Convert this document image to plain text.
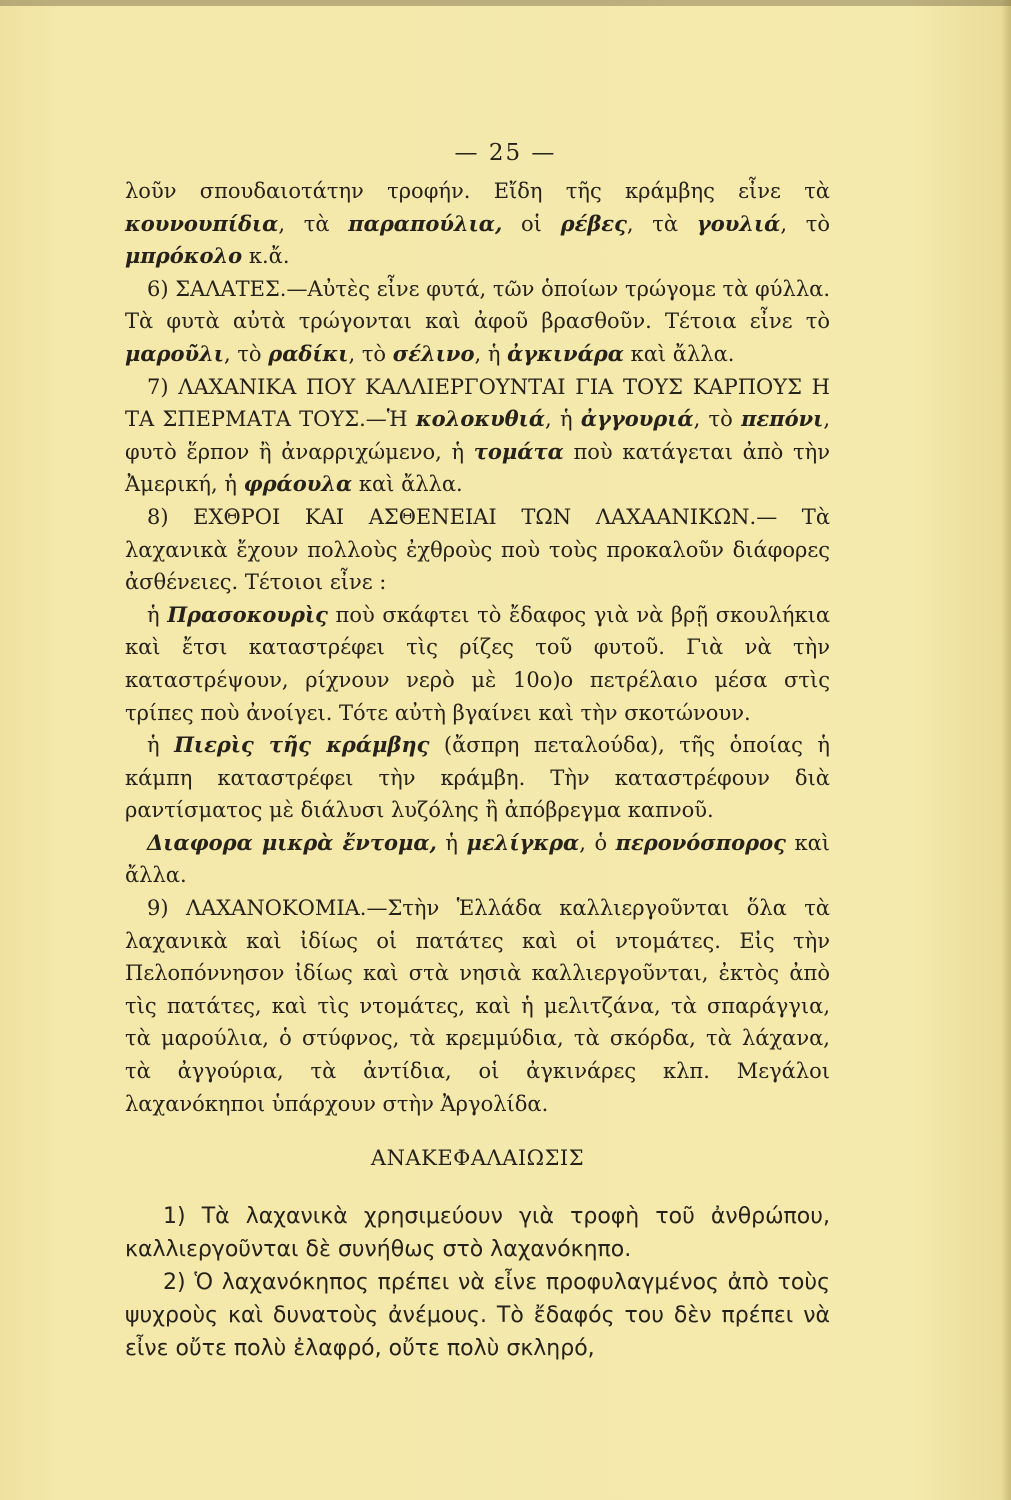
— 25 —

λοῦν σπουδαιοτάτην τροφήν. Εἴδη τῆς κράμβης εἶνε τὰ κουνουπίδια, τὰ παραπούλια, οἱ ρέβες, τὰ γουλιά, τὸ μπρόκολο κ.ἄ.

6) ΣΑΛΑΤΕΣ.—Αὐτὲς εἶνε φυτά, τῶν ὁποίων τρώγομε τὰ φύλλα. Τὰ φυτὰ αὐτὰ τρώγονται καὶ ἀφοῦ βρασθοῦν. Τέτοια εἶνε τὸ μαροῦλι, τὸ ραδίκι, τὸ σέλινο, ἡ ἀγκινάρα καὶ ἄλλα.

7) ΛΑΧΑΝΙΚΑ ΠΟΥ ΚΑΛΛΙΕΡΓΟΥΝΤΑΙ ΓΙΑ ΤΟΥΣ ΚΑΡΠΟΥΣ Η ΤΑ ΣΠΕΡΜΑΤΑ ΤΟΥΣ.—Ἡ κολοκυθιά, ἡ ἀγγουριά, τὸ πεπόνι, φυτὸ ἕρπον ἢ ἀναρριχώμενο, ἡ τομάτα ποὺ κατάγεται ἀπὸ τὴν Ἀμερική, ἡ φράουλα καὶ ἄλλα.

8) ΕΧΘΡΟΙ ΚΑΙ ΑΣΘΕΝΕΙΑΙ ΤΩΝ ΛΑΧΑΑΝΙΚΩΝ.— Τὰ λαχανικὰ ἔχουν πολλοὺς ἐχθροὺς ποὺ τοὺς προκαλοῦν διάφορες ἀσθένειες. Τέτοιοι εἶνε :

ἡ Πρασοκουρὶς ποὺ σκάφτει τὸ ἔδαφος γιὰ νὰ βρῇ σκουλήκια καὶ ἔτσι καταστρέφει τὶς ρίζες τοῦ φυτοῦ. Γιὰ νὰ τὴν καταστρέψουν, ρίχνουν νερὸ μὲ 10ο)ο πετρέλαιο μέσα στὶς τρίπες ποὺ ἀνοίγει. Τότε αὐτὴ βγαίνει καὶ τὴν σκοτώνουν.

ἡ Πιερὶς τῆς κράμβης (ἄσπρη πεταλούδα), τῆς ὁποίας ἡ κάμπη καταστρέφει τὴν κράμβη. Τὴν καταστρέφουν διὰ ραντίσματος μὲ διάλυσι λυζόλης ἢ ἀπόβρεγμα καπνοῦ.

Διαφορα μικρὰ ἔντομα, ἡ μελίγκρα, ὁ περονόσπορος καὶ ἄλλα.

9) ΛΑΧΑΝΟΚΟΜΙΑ.—Στὴν Ἑλλάδα καλλιεργοῦνται ὅλα τὰ λαχανικὰ καὶ ἰδίως οἱ πατάτες καὶ οἱ ντομάτες. Εἰς τὴν Πελοπόννησον ἰδίως καὶ στὰ νησιὰ καλλιεργοῦνται, ἐκτὸς ἀπὸ τὶς πατάτες, καὶ τὶς ντομάτες, καὶ ἡ μελιτζάνα, τὰ σπαράγγια, τὰ μαρούλια, ὁ στύφνος, τὰ κρεμμύδια, τὰ σκόρδα, τὰ λάχανα, τὰ ἀγγούρια, τὰ ἀντίδια, οἱ ἀγκινάρες κλπ. Μεγάλοι λαχανόκηποι ὑπάρχουν στὴν Ἀργολίδα.

ΑΝΑΚΕΦΑΛΑΙΩΣΙΣ

1) Τὰ λαχανικὰ χρησιμεύουν γιὰ τροφὴ τοῦ ἀνθρώπου, καλλιεργοῦνται δὲ συνήθως στὸ λαχανόκηπο.

2) Ὁ λαχανόκηπος πρέπει νὰ εἶνε προφυλαγμένος ἀπὸ τοὺς ψυχροὺς καὶ δυνατοὺς ἀνέμους. Τὸ ἔδαφός του δὲν πρέπει νὰ εἶνε οὔτε πολὺ ἐλαφρό, οὔτε πολὺ σκληρό,
